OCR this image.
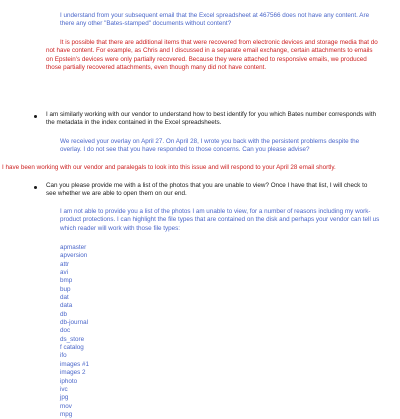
I understand from your subsequent email that the Excel spreadsheet at 467566 does not have any content. Are there any other "Bates-stamped" documents without content?

It is possible that there are additional items that were recovered from electronic devices and storage media that do not have content. For example, as Chris and I discussed in a separate email exchange, certain attachments to emails on Epstein's devices were only partially recovered. Because they were attached to responsive emails, we produced those partially recovered attachments, even though many did not have content.

I am similarly working with our vendor to understand how to best identify for you which Bates number corresponds with the metadata in the index contained in the Excel spreadsheets.

We received your overlay on April 27. On April 28, I wrote you back with the persistent problems despite the overlay. I do not see that you have responded to those concerns. Can you please advise?

I have been working with our vendor and paralegals to look into this issue and will respond to your April 28 email shortly.

Can you please provide me with a list of the photos that you are unable to view? Once I have that list, I will check to see whether we are able to open them on our end.

I am not able to provide you a list of the photos I am unable to view, for a number of reasons including my work-product protections. I can highlight the file types that are contained on the disk and perhaps your vendor can tell us which reader will work with those file types:

apmaster
apversion
attr
avi
bmp
bup
dat
data
db
db-journal
doc
ds_store
f catalog
ifo
images #1
images 2
iphoto
ivc
jpg
mov
mpg
